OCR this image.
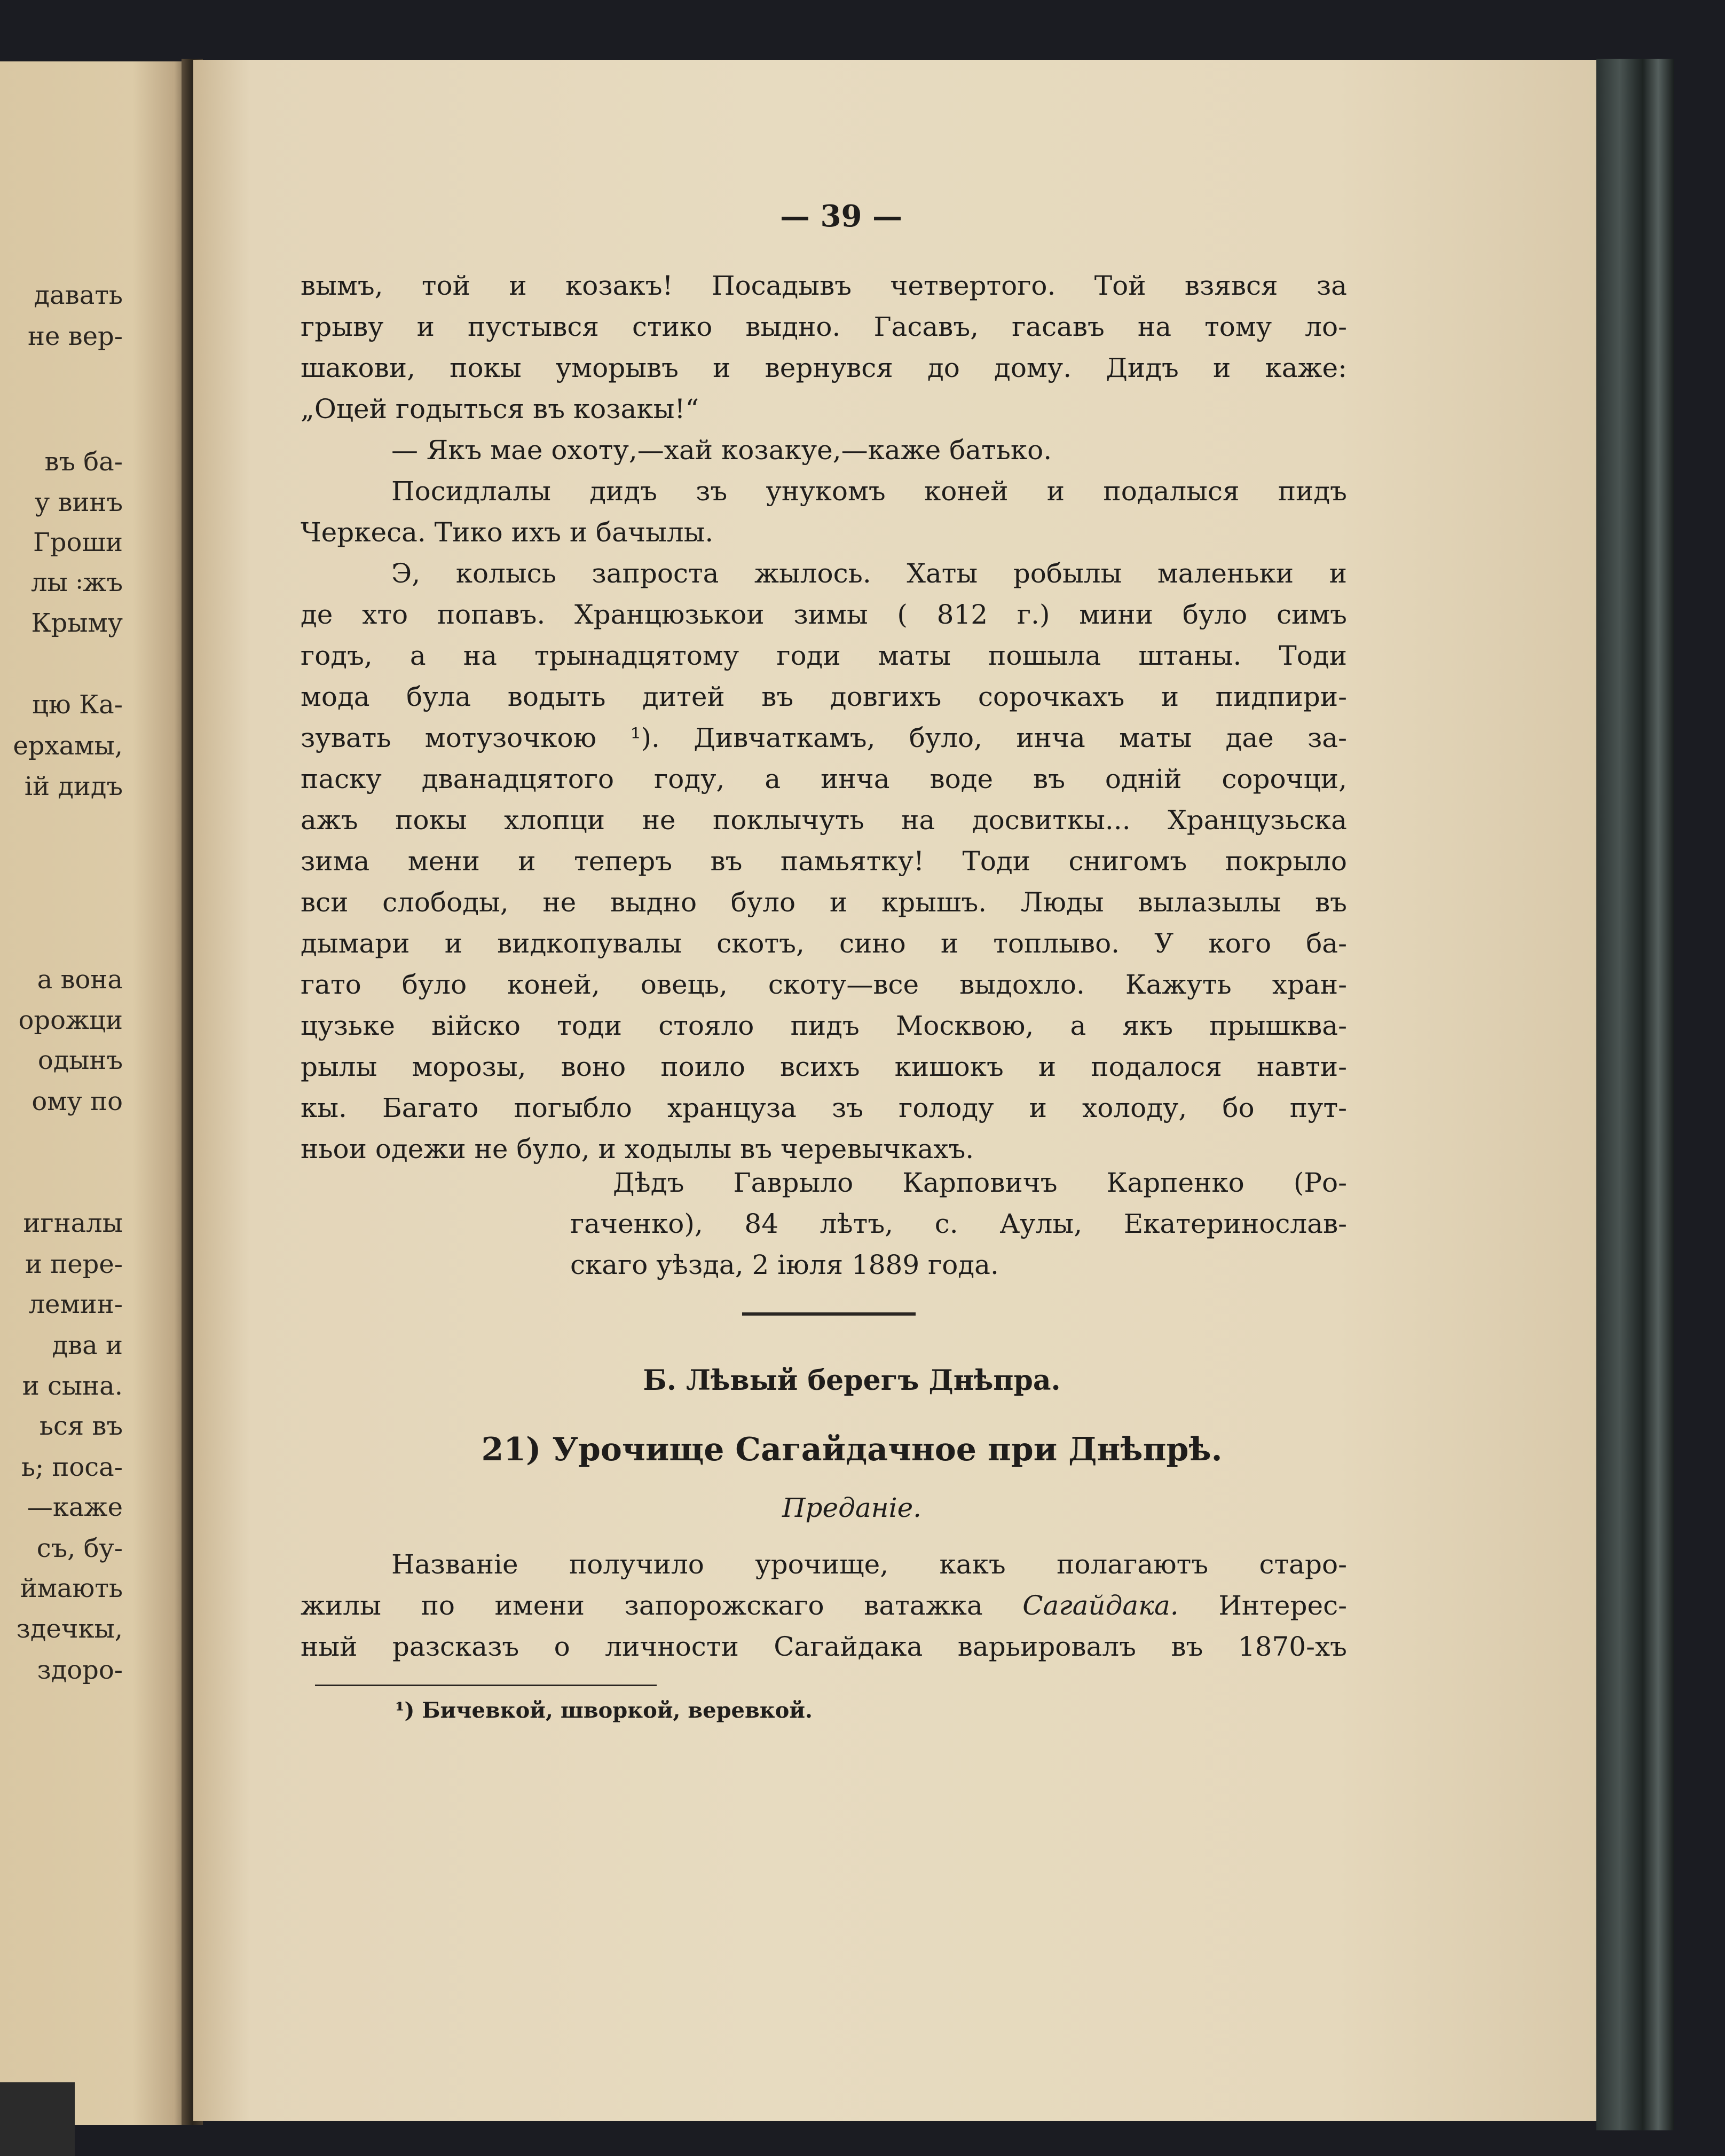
давать
не вер-
въ ба-
у винъ
Гроши
лы ꞉жъ
Крыму
цю Ка-
ерхамы,
ій дидъ
а вона
орожци
одынъ
ому по
игналы
и пере-
лемин-
два и
и сына.
ься въ
ь; поса-
—каже
съ, бу-
ймають
здечкы,
здоро-
— 39 —
вымъ, той и козакъ! Посадывъ четвертого. Той взявся за
грыву и пустывся стико выдно. Гасавъ, гасавъ на тому ло-
шакови, покы уморывъ и вернувся до дому. Дидъ и каже:
„Оцей годыться въ козакы!“
— Якъ мае охоту,—хай козакуе,—каже батько.
Посидлалы дидъ зъ унукомъ коней и подалыся пидъ
Черкеса. Тико ихъ и бачылы.
Э, колысь запроста жылось. Хаты робылы маленьки и
де хто попавъ. Хранцюзькои зимы ( 812 г.) мини було симъ
годъ, а на трынадцятому годи маты пошыла штаны. Тоди
мода була водыть дитей въ довгихъ сорочкахъ и пидпири-
зувать мотузочкою ¹). Дивчаткамъ, було, инча маты дае за-
паску дванадцятого году, а инча воде въ одній сорочци,
ажъ покы хлопци не поклычуть на досвиткы... Хранцузьска
зима мени и теперъ въ памьятку! Тоди снигомъ покрыло
вси слободы, не выдно було и крышъ. Люды вылазылы въ
дымари и видкопувалы скотъ, сино и топлыво. У кого ба-
гато було коней, овець, скоту—все выдохло. Кажуть хран-
цузьке війско тоди стояло пидъ Москвою, а якъ прышква-
рылы морозы, воно поило всихъ кишокъ и подалося навти-
кы. Багато погыбло хранцуза зъ голоду и холоду, бо пут-
ньои одежи не було, и ходылы въ черевычкахъ.
Дѣдъ Гаврыло Карповичъ Карпенко (Ро-
гаченко), 84 лѣтъ, с. Аулы, Екатеринослав-
скаго уѣзда, 2 іюля 1889 года.
Б. Лѣвый берегъ Днѣпра.
21) Урочище Сагайдачное при Днѣпрѣ.
Преданіе.
Названіе получило урочище, какъ полагаютъ старо-
жилы по имени запорожскаго ватажка Сагайдака. Интерес-
ный разсказъ о личности Сагайдака варьировалъ въ 1870-хъ
¹) Бичевкой, шворкой, веревкой.
